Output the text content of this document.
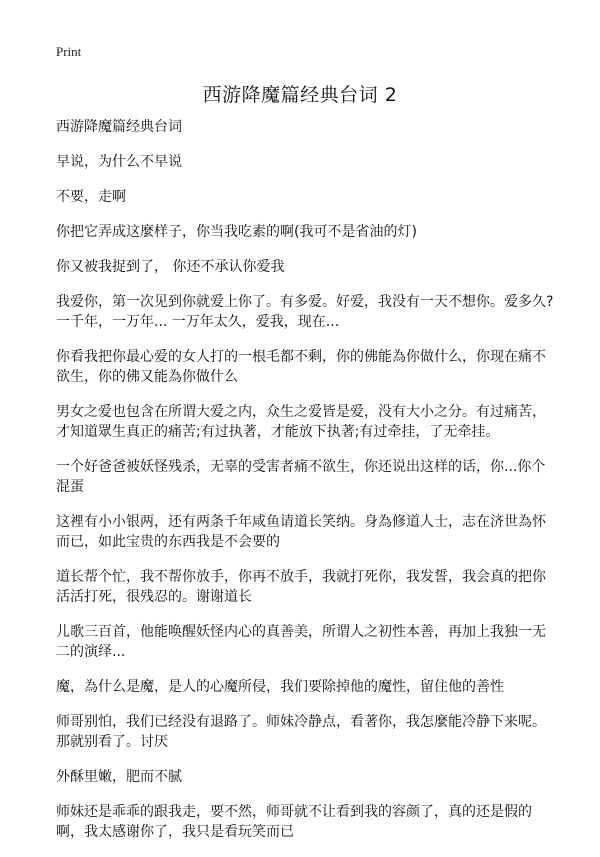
Print
西游降魔篇经典台词 2

西游降魔篇经典台词

早说，为什么不早说

不要，走啊

你把它弄成这麼样子，你当我吃素的啊(我可不是省油的灯)

你又被我捉到了， 你还不承认你爱我

我爱你，第一次见到你就爱上你了。有多爱。好爱，我没有一天不想你。爱多久?一千年，一万年... 一万年太久，爱我，现在...

你看我把你最心爱的女人打的一根毛都不剩，你的佛能為你做什么，你现在痛不欲生，你的佛又能為你做什么

男女之爱也包含在所谓大爱之内，众生之爱皆是爱，没有大小之分。有过痛苦，才知道眾生真正的痛苦;有过执著，才能放下执著;有过牵挂，了无牵挂。

一个好爸爸被妖怪残杀，无辜的受害者痛不欲生，你还说出这样的话，你...你个混蛋

这裡有小小银两，还有两条千年咸鱼请道长笑纳。身為修道人士，志在济世為怀而已，如此宝贵的东西我是不会要的

道长帮个忙，我不帮你放手，你再不放手，我就打死你，我发誓，我会真的把你活活打死，很残忍的。谢谢道长

儿歌三百首，他能唤醒妖怪内心的真善美，所谓人之初性本善，再加上我独一无二的演绎...

魔，為什么是魔，是人的心魔所侵，我们要除掉他的魔性，留住他的善性

师哥别怕，我们已经没有退路了。师妹冷静点，看著你，我怎麼能冷静下来呢。那就别看了。讨厌

外酥里嫩，肥而不腻

师妹还是乖乖的跟我走，要不然，师哥就不让看到我的容颜了，真的还是假的啊，我太感谢你了，我只是看玩笑而已
